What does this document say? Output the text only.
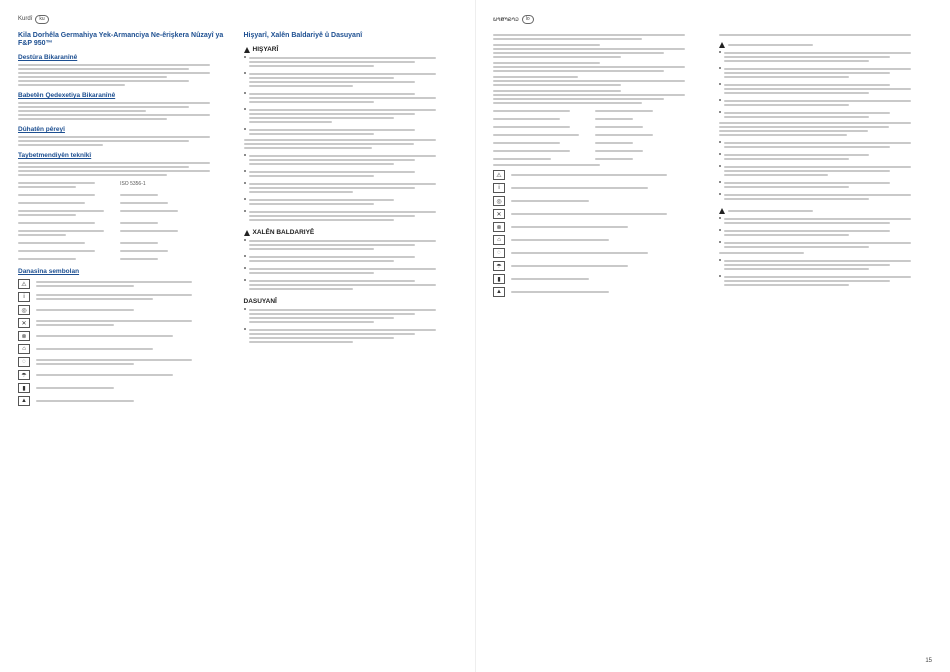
Kurdî	ku
Kila Dorhêla Germahiya Yek-Armanciya Ne-êrişkera Nûzayî ya F&P 950™
Destûra Bikaranînê
Babetên Qedexetiya Bikaranînê
Dûhatên pêreyî
Taybetmendiyên teknîkî
ISO 5356-1
Danasîna sembolan
⚠
i
◎
✕
⊗
⌂
◌
☂
▮
▲
Hişyarî, Xalên Baldariyê û Dasuyanî
HIŞYARÎ
XALÊN BALDARIYÊ
DASUYANÎ
ພາສາລາວ	lo
⚠
i
◎
✕
⊗
⌂
◌
☂
▮
▲
15
